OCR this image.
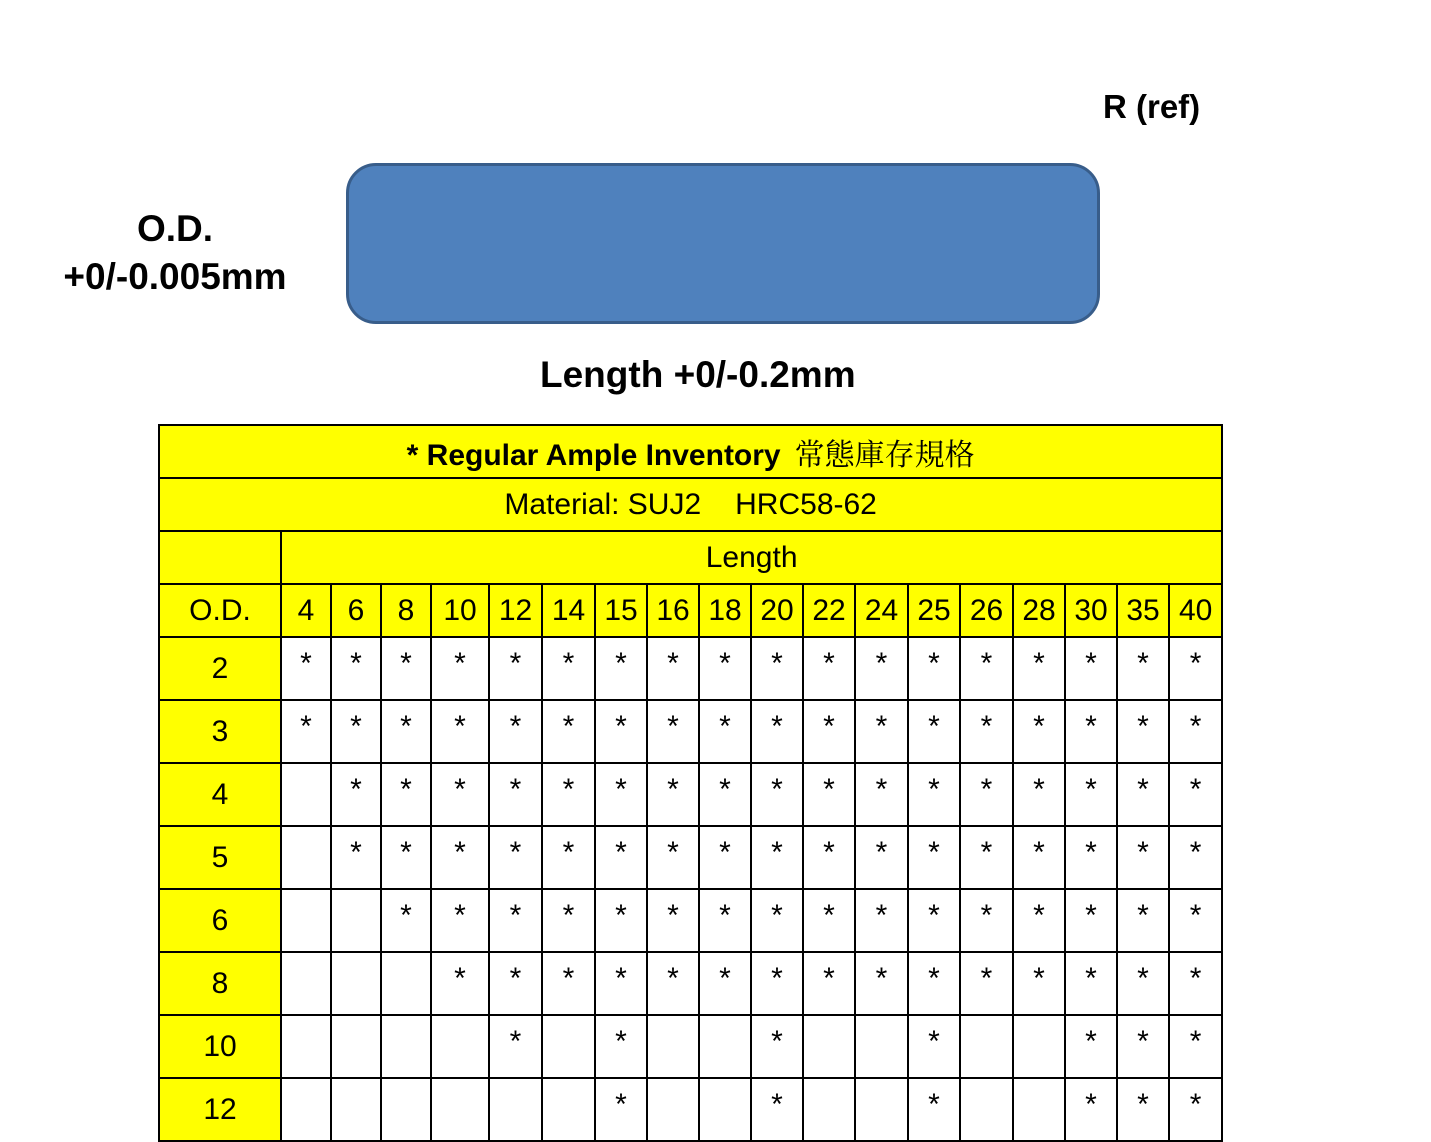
R (ref)
O.D.
+0/-0.005mm
Length +0/-0.2mm
* Regular Ample Inventory 常態庫存規格																		
Material: SUJ2 HRC58-62																		
	Length																	
O.D.	4	6	8	10	12	14	15	16	18	20	22	24	25	26	28	30	35	40
2	*	*	*	*	*	*	*	*	*	*	*	*	*	*	*	*	*	*
3	*	*	*	*	*	*	*	*	*	*	*	*	*	*	*	*	*	*
4		*	*	*	*	*	*	*	*	*	*	*	*	*	*	*	*	*
5		*	*	*	*	*	*	*	*	*	*	*	*	*	*	*	*	*
6			*	*	*	*	*	*	*	*	*	*	*	*	*	*	*	*
8				*	*	*	*	*	*	*	*	*	*	*	*	*	*	*
10					*		*			*			*			*	*	*
12							*			*			*			*	*	*
